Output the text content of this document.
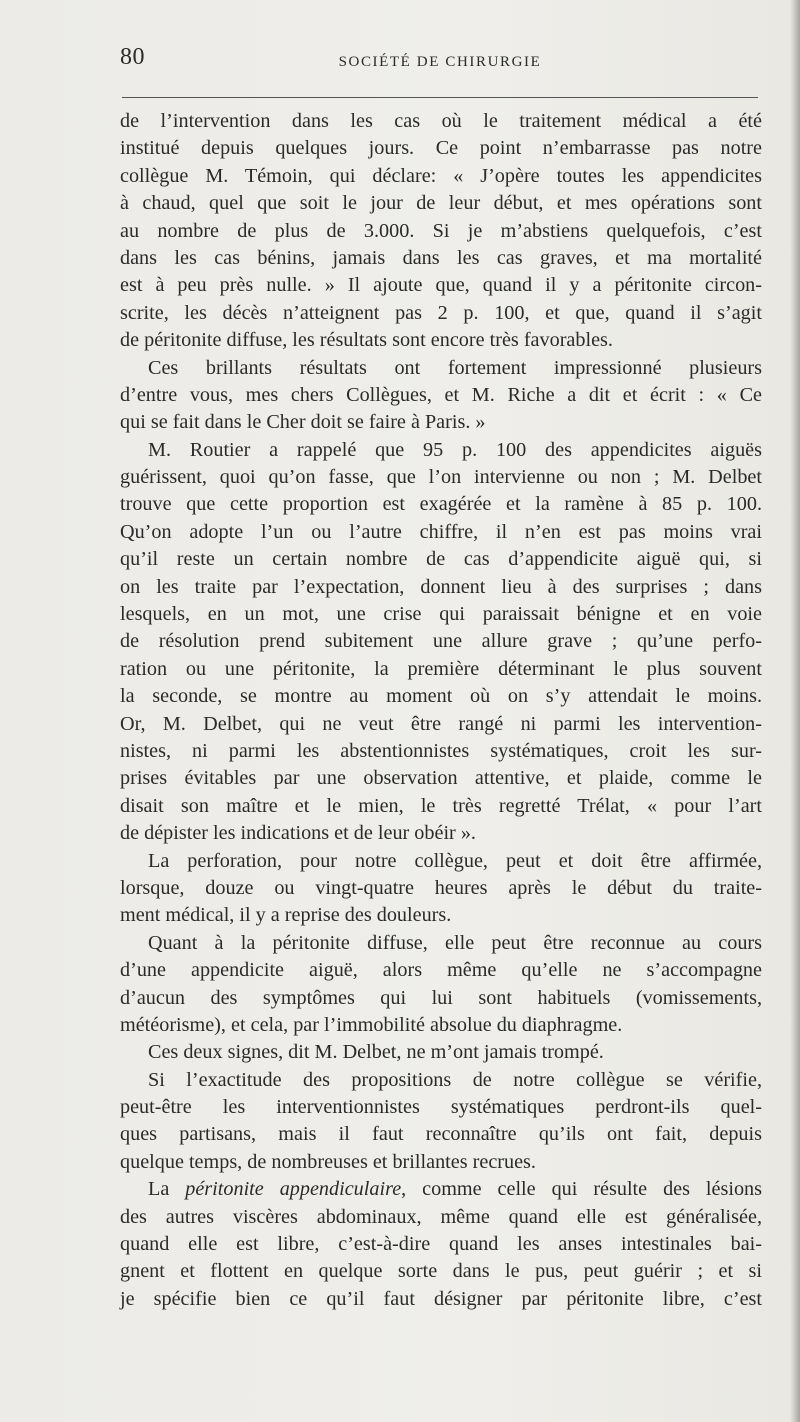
80	SOCIÉTÉ DE CHIRURGIE
de l’intervention dans les cas où le traitement médical a été
institué depuis quelques jours. Ce point n’embarrasse pas notre
collègue M. Témoin, qui déclare: « J’opère toutes les appendicites
à chaud, quel que soit le jour de leur début, et mes opérations sont
au nombre de plus de 3.000. Si je m’abstiens quelquefois, c’est
dans les cas bénins, jamais dans les cas graves, et ma mortalité
est à peu près nulle. » Il ajoute que, quand il y a péritonite circon-
scrite, les décès n’atteignent pas 2 p. 100, et que, quand il s’agit
de péritonite diffuse, les résultats sont encore très favorables.
Ces brillants résultats ont fortement impressionné plusieurs
d’entre vous, mes chers Collègues, et M. Riche a dit et écrit : « Ce
qui se fait dans le Cher doit se faire à Paris. »
M. Routier a rappelé que 95 p. 100 des appendicites aiguës
guérissent, quoi qu’on fasse, que l’on intervienne ou non ; M. Delbet
trouve que cette proportion est exagérée et la ramène à 85 p. 100.
Qu’on adopte l’un ou l’autre chiffre, il n’en est pas moins vrai
qu’il reste un certain nombre de cas d’appendicite aiguë qui, si
on les traite par l’expectation, donnent lieu à des surprises ; dans
lesquels, en un mot, une crise qui paraissait bénigne et en voie
de résolution prend subitement une allure grave ; qu’une perfo-
ration ou une péritonite, la première déterminant le plus souvent
la seconde, se montre au moment où on s’y attendait le moins.
Or, M. Delbet, qui ne veut être rangé ni parmi les intervention-
nistes, ni parmi les abstentionnistes systématiques, croit les sur-
prises évitables par une observation attentive, et plaide, comme le
disait son maître et le mien, le très regretté Trélat, « pour l’art
de dépister les indications et de leur obéir ».
La perforation, pour notre collègue, peut et doit être affirmée,
lorsque, douze ou vingt-quatre heures après le début du traite-
ment médical, il y a reprise des douleurs.
Quant à la péritonite diffuse, elle peut être reconnue au cours
d’une appendicite aiguë, alors même qu’elle ne s’accompagne
d’aucun des symptômes qui lui sont habituels (vomissements,
météorisme), et cela, par l’immobilité absolue du diaphragme.
Ces deux signes, dit M. Delbet, ne m’ont jamais trompé.
Si l’exactitude des propositions de notre collègue se vérifie,
peut-être les interventionnistes systématiques perdront-ils quel-
ques partisans, mais il faut reconnaître qu’ils ont fait, depuis
quelque temps, de nombreuses et brillantes recrues.
La péritonite appendiculaire, comme celle qui résulte des lésions
des autres viscères abdominaux, même quand elle est généralisée,
quand elle est libre, c’est-à-dire quand les anses intestinales bai-
gnent et flottent en quelque sorte dans le pus, peut guérir ; et si
je spécifie bien ce qu’il faut désigner par péritonite libre, c’est
